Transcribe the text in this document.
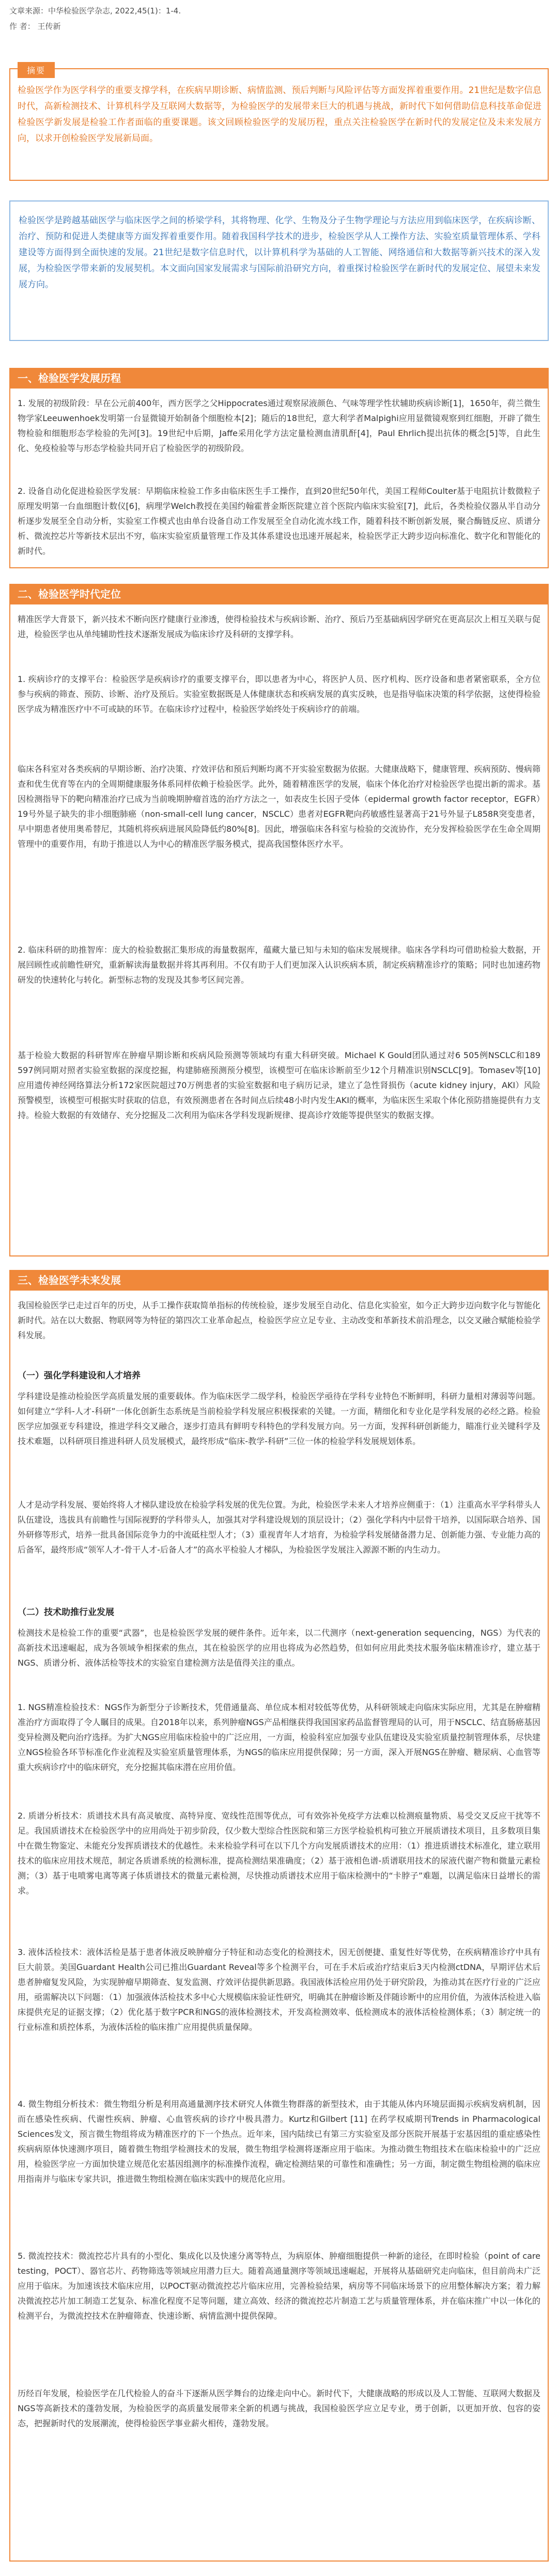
文章来源：中华检验医学杂志, 2022,45(1)：1-4.
作 者： 王传新
摘要
检验医学作为医学科学的重要支撑学科，在疾病早期诊断、病情监测、预后判断与风险评估等方面发挥着重要作用。21世纪是数字信息时代，高新检测技术、计算机科学及互联网大数据等，为检验医学的发展带来巨大的机遇与挑战，新时代下如何借助信息科技革命促进检验医学新发展是检验工作者面临的重要课题。该文回顾检验医学的发展历程，重点关注检验医学在新时代的发展定位及未来发展方向，以求开创检验医学发展新局面。
检验医学是跨越基础医学与临床医学之间的桥梁学科，其将物理、化学、生物及分子生物学理论与方法应用到临床医学，在疾病诊断、治疗、预防和促进人类健康等方面发挥着重要作用。随着我国科学技术的进步，检验医学从人工操作方法、实验室质量管理体系、学科建设等方面得到全面快速的发展。21世纪是数字信息时代，以计算机科学为基础的人工智能、网络通信和大数据等新兴技术的深入发展，为检验医学带来新的发展契机。本文面向国家发展需求与国际前沿研究方向，着重探讨检验医学在新时代的发展定位、展望未来发展方向。
一、检验医学发展历程
1. 发展的初级阶段：早在公元前400年，西方医学之父Hippocrates通过观察尿液颜色、气味等理学性状辅助疾病诊断[1]，1650年，荷兰微生物学家Leeuwenhoek发明第一台显微镜开始制备个细胞检本[2]；随后的18世纪，意大利学者Malpighi应用显微镜观察到红细胞，开辟了微生物检验和细胞形态学检验的先河[3]。19世纪中后期，Jaffe采用化学方法定量检测血清肌酐[4]，Paul Ehrlich提出抗体的概念[5]等，自此生化、免疫检验等与形态学检验共同开启了检验医学的初级阶段。
2. 设备自动化促进检验医学发展：早期临床检验工作多由临床医生手工操作，直到20世纪50年代，美国工程师Coulter基于电阻抗计数微粒子原理发明第一台血细胞计数仪[6]，病理学Welch教授在美国约翰霍普金斯医院建立首个医院内临床实验室[7]，此后，各类检验仪器从半自动分析逐步发展至全自动分析，实验室工作模式也由单台设备自动工作发展至全自动化流水线工作，随着科技不断创新发展，聚合酶链反应、质谱分析、微流控芯片等新技术层出不穷，临床实验室质量管理工作及其体系建设也迅速开展起来，检验医学正大跨步迈向标准化、数字化和智能化的新时代。
二、检验医学时代定位
精准医学大背景下，新兴技术不断向医疗健康行业渗透，使得检验技术与疾病诊断、治疗、预后乃至基础病因学研究在更高层次上相互关联与促进，检验医学也从单纯辅助性技术逐渐发展成为临床诊疗及科研的支撑学科。
1. 疾病诊疗的支撑平台：检验医学是疾病诊疗的重要支撑平台，即以患者为中心，将医护人员、医疗机构、医疗设备和患者紧密联系，全方位参与疾病的筛查、预防、诊断、治疗及预后。实验室数据既是人体健康状态和疾病发展的真实反映，也是指导临床决策的科学依据，这使得检验医学成为精准医疗中不可或缺的环节。在临床诊疗过程中，检验医学始终处于疾病诊疗的前端。
临床各科室对各类疾病的早期诊断、治疗决策、疗效评估和预后判断均离不开实验室数据为依据。大健康战略下，健康管理、疾病预防、慢病筛查和优生优育等在内的全周期健康服务体系同样依赖于检验医学。此外，随着精准医学的发展，临床个体化治疗对检验医学也提出新的需求。基因检测指导下的靶向精准治疗已成为当前晚期肿瘤首选的治疗方法之一，如表皮生长因子受体（epidermal growth factor receptor，EGFR）19号外显子缺失的非小细胞肺癌（non-small-cell lung cancer，NSCLC）患者对EGFR靶向药敏感性显著高于21号外显子L858R突变患者，早中期患者使用奥希替尼，其随机将疾病进展风险降低约80%[8]。因此，增强临床各科室与检验的交流协作，充分发挥检验医学在生命全周期管理中的重要作用，有助于推进以人为中心的精准医学服务模式，提高我国整体医疗水平。
2. 临床科研的助推智库：庞大的检验数据汇集形成的海量数据库，蕴藏大量已知与未知的临床发展规律。临床各学科均可借助检验大数据，开展回顾性或前瞻性研究，重新解读海量数据并将其再利用。不仅有助于人们更加深入认识疾病本质，制定疾病精准诊疗的策略；同时也加速药物研发的快速转化与转化。新型标志物的发现及其参考区间完善。
基于检验大数据的科研智库在肿瘤早期诊断和疾病风险预测等领域均有重大科研突破。Michael K Gould团队通过对6 505例NSCLC和189 597例同期对照者实验室数据的深度挖掘，构建肺癌预测预分模型，该模型可在临床诊断前至少12个月精准识别NSCLC[9]。Tomasev等[10]应用遗传神经网络算法分析172家医院超过70万例患者的实验室数据和电子病历记录，建立了急性肾损伤（acute kidney injury，AKI）风险预警模型，该模型可根据实时获取的信息，有效预测患者在各时间点后续48小时内发生AKI的概率，为临床医生采取个体化预防措施提供有力支持。检验大数据的有效储存、充分挖掘及二次利用为临床各学科发现新规律、提高诊疗效能等提供坚实的数据支撑。
三、检验医学未来发展
我国检验医学已走过百年的历史，从手工操作获取简单指标的传统检验，逐步发展至自动化、信息化实验室，如今正大跨步迈向数字化与智能化新时代。站在以大数据、物联网等为特征的第四次工业革命起点，检验医学应立足专业、主动改变和革新技术前沿理念，以交叉融合赋能检验学科发展。
（一）强化学科建设和人才培养
学科建设是推动检验医学高质量发展的重要载体。作为临床医学二级学科，检验医学亟待在学科专业特色不断鲜明，科研力量相对薄弱等问题。如何建立“学科-人才-科研”一体化创新生态系统是当前检验学科发展应积极探索的关键。一方面，精细化和专业化是学科发展的必经之路。检验医学应加强亚专科建设，推进学科交叉融合，逐步打造具有鲜明专科特色的学科发展方向。另一方面，发挥科研创新能力，瞄准行业关键科学及技术难题，以科研项目推进科研人员发展模式，最终形成“临床-教学-科研”三位一体的检验学科发展规划体系。
人才是动学科发展、要始终将人才梯队建设放在检验学科发展的优先位置。为此，检验医学未来人才培养应侧重于：（1）注重高水平学科带头人队伍建设，选拔具有前瞻性与国际视野的学科带头人，加强其对学科建设规划的顶层设计；（2）强化学科内中层骨干培养，以国际联合培养、国外研修等形式，培养一批具备国际竞争力的中流砥柱型人才；（3）重视青年人才培育，为检验学科发展储备潜力足、创新能力强、专业能力高的后备军，最终形成“领军人才-骨干人才-后备人才”的高水平检验人才梯队，为检验医学发展注入源源不断的内生动力。
（二）技术助推行业发展
检测技术是检验工作的重要“武器”，也是检验医学发展的硬件条件。近年来，以二代测序（next-generation sequencing，NGS）为代表的高新技术迅速崛起，成为各领域争相探索的焦点，其在检验医学的应用也将成为必然趋势，但如何应用此类技术服务临床精准诊疗，建立基于NGS、质谱分析、液体活检等技术的实验室自建检测方法是值得关注的重点。
1. NGS精准检验技术：NGS作为新型分子诊断技术，凭借通量高、单位成本相对较低等优势，从科研领域走向临床实际应用，尤其是在肿瘤精准治疗方面取得了令人瞩目的成果。自2018年以来，系列肿瘤NGS产品相继获得我国国家药品监督管理局的认可，用于NSCLC、结直肠癌基因变异检测及靶向治疗选择。为扩大NGS应用临床检验中的广泛应用，一方面，检验科室应加强专业队伍建设及实验室质量控制管理体系，尽快建立NGS检验各环节标准化作业流程及实验室质量管理体系，为NGS的临床应用提供保障；另一方面，深入开展NGS在肿瘤、糖尿病、心血管等重大疾病诊疗中的临床研究，充分挖掘其临床潜在应用价值。
2. 质谱分析技术：质谱技术具有高灵敏度、高特异度、宽线性范围等优点，可有效弥补免疫学方法难以检测痕量物质、易受交叉反应干扰等不足。我国质谱技术在检验医学中的应用尚处于初步阶段，仅少数大型综合性医院和第三方医学检验机构可独立开展质谱技术项目，且多数项目集中在微生物鉴定、未能充分发挥质谱技术的优越性。未来检验学科可在以下几个方向发展质谱技术的应用：（1）推进质谱技术标准化，建立联用技术的临床应用技术规范，制定各质谱系统的检测标准，提高检测结果准确度；（2）基于液相色谱-质谱联用技术的尿液代谢产物和微量元素检测；（3）基于电喷雾电离等离子体质谱技术的微量元素检测，尽快推动质谱技术应用于临床检测中的“卡脖子”难题，以满足临床日益增长的需求。
3. 液体活检技术：液体活检是基于患者体液反映肿瘤分子特征和动态变化的检测技术，因无创便捷、重复性好等优势，在疾病精准诊疗中具有巨大前景。美国Guardant Health公司已推出Guardant Reveal等多个检测平台，可在手术后或治疗结束后3天内检测ctDNA，早期评估术后患者肿瘤复发风险，为实现肿瘤早期筛查、复发监测、疗效评估提供新思路。我国液体活检应用仍处于研究阶段，为推动其在医疗行业的广泛应用，亟需解决以下问题：（1）加强液体活检技术多中心大规模临床验证性研究，明确其在肿瘤诊断及伴随诊断中的应用价值，为液体活检进入临床提供充足的证据支撑；（2）优化基于数字PCR和NGS的液体检测技术，开发高检测效率、低检测成本的液体活检检测体系；（3）制定统一的行业标准和质控体系，为液体活检的临床推广应用提供质量保障。
4. 微生物组分析技术：微生物组分析是利用高通量测序技术研究人体微生物群落的新型技术，由于其能从体内环境层面揭示疾病发病机制，因而在感染性疾病、代谢性疾病、肿瘤、心血管疾病的诊疗中极具潜力。Kurtz和Gilbert [11] 在药学权威期刊Trends in Pharmacological Sciences发文，预言微生物组将成为精准医疗的下一个热点。近年来，国内陆续已有第三方实验室及部分医院开展基于宏基因组的重症感染性疾病病原体快速测序项目，随着微生物组学检测技术的发展，微生物组学检测将逐渐应用于临床。为推动微生物组技术在临床检验中的广泛应用，检验医学应一方面加快建立规范化宏基因组测序的标准操作流程，确定检测结果的可靠性和准确性；另一方面，制定微生物组检测的临床应用指南并与临床专家共识，推进微生物组检测在临床实践中的规范化应用。
5. 微流控技术：微流控芯片具有的小型化、集成化以及快速分离等特点，为病原体、肿瘤细胞提供一种新的途径，在即时检验（point of care testing，POCT）、器官芯片、药物筛选等领域应用潜力巨大。随着高通量测序等领域迅速崛起，开展将从基础研究走向临床，但目前尚未广泛应用于临床。为加速该技术临床应用，以POCT驱动微流控芯片临床应用，完善检验结果，病房等不同临床场景下的应用整体解决方案；着力解决微流控芯片加工制造工艺复杂、标准化程度不足等问题，建立高效、经济的微流控芯片制造工艺与质量管理体系，并在临床推广中以一体化的检测平台，为微流控技术在肿瘤筛查、快速诊断、病情监测中提供保障。
历经百年发展，检验医学在几代检验人的奋斗下逐渐从医学舞台的边缘走向中心。新时代下，大健康战略的形成以及人工智能、互联网大数据及NGS等高新技术的蓬勃发展，为检验医学的高质量发展带来全新的机遇与挑战，我国检验医学应立足专业，勇于创新，以更加开放、包容的姿态，把握新时代的发展潮流，使得检验医学事业薪火相传，蓬勃发展。
